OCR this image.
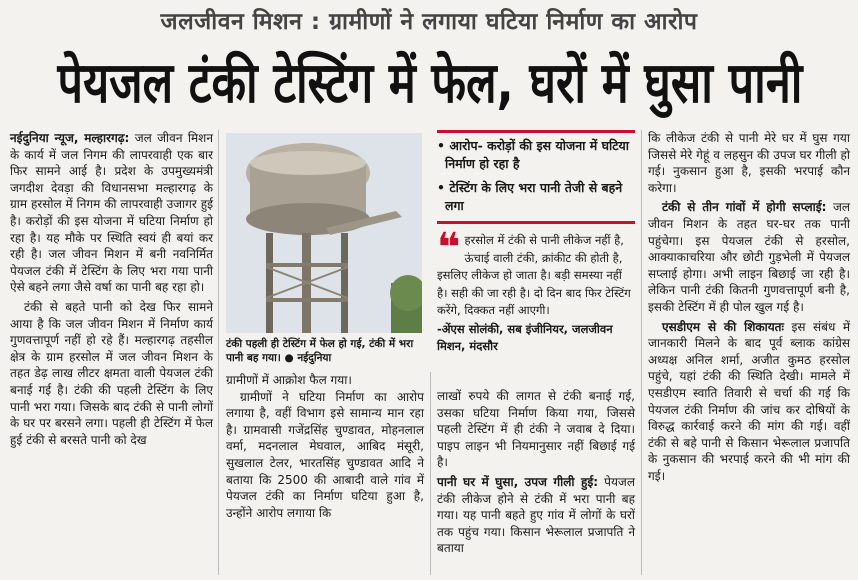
जलजीवन मिशन : ग्रामीणों ने लगाया घटिया निर्माण का आरोप
पेयजल टंकी टेस्टिंग में फेल, घरों में घुसा पानी

नईदुनिया न्यूज, मल्हारगढ़: जल जीवन मिशन के कार्य में जल निगम की लापरवाही एक बार फिर सामने आई है। प्रदेश के उपमुख्यमंत्री जगदीश देवड़ा की विधानसभा मल्हारगढ़ के ग्राम हरसोल में निगम की लापरवाही उजागर हुई है। करोड़ों की इस योजना में घटिया निर्माण हो रहा है। यह मौके पर स्थिति स्वयं ही बयां कर रही है। जल जीवन मिशन में बनी नवनिर्मित पेयजल टंकी में टेस्टिंग के लिए भरा गया पानी ऐसे बहने लगा जैसे वर्षा का पानी बह रहा हो।

टंकी से बहते पानी को देख फिर सामने आया है कि जल जीवन मिशन में निर्माण कार्य गुणवत्तापूर्ण नहीं हो रहे हैं। मल्हारगढ़ तहसील क्षेत्र के ग्राम हरसोल में जल जीवन मिशन के तहत डेढ़ लाख लीटर क्षमता वाली पेयजल टंकी बनाई गई है। टंकी की पहली टेस्टिंग के लिए पानी भरा गया। जिसके बाद टंकी से पानी लोगों के घर पर बरसने लगा। पहली ही टेस्टिंग में फेल हुई टंकी से बरसते पानी को देख

टंकी पहली ही टेस्टिंग में फेल हो गई, टंकी में भरा पानी बह गया। ● नईदुनिया
• आरोप- करोड़ों की इस योजना में घटिया निर्माण हो रहा है
• टेस्टिंग के लिए भरा पानी तेजी से बहने लगा
❝ हरसोल में टंकी से पानी लीकेज नहीं है, ऊंचाई वाली टंकी, क्रांकीट की होती है, इसलिए लीकेज हो जाता है। बड़ी समस्या नहीं है। सही की जा रही है। दो दिन बाद फिर टेस्टिंग करेंगे, दिक्कत नहीं आएगी।
-अेंएस सोलंकी, सब इंजीनियर, जलजीवन मिशन, मंदसौर

ग्रामीणों में आक्रोश फैल गया।

ग्रामीणों ने घटिया निर्माण का आरोप लगाया है, वहीं विभाग इसे सामान्य मान रहा है। ग्रामवासी गजेंद्रसिंह चुण्डावत, मोहनलाल वर्मा, मदनलाल मेघवाल, आबिद मंसूरी, सुखलाल टेलर, भारतसिंह चुण्डावत आदि ने बताया कि 2500 की आबादी वाले गांव में पेयजल टंकी का निर्माण घटिया हुआ है, उन्होंने आरोप लगाया कि

लाखों रुपये की लागत से टंकी बनाई गई, उसका घटिया निर्माण किया गया, जिससे पहली टेस्टिंग में ही टंकी ने जवाब दे दिया। पाइप लाइन भी नियमानुसार नहीं बिछाई गई है।

पानी घर में घुसा, उपज गीली हुई: पेयजल टंकी लीकेज होने से टंकी में भरा पानी बह गया। यह पानी बहते हुए गांव में लोगों के घरों तक पहुंच गया। किसान भेरूलाल प्रजापति ने बताया

कि लीकेज टंकी से पानी मेरे घर में घुस गया जिससे मेरे गेहूं व लहसुन की उपज घर गीली हो गई। नुकसान हुआ है, इसकी भरपाई कौन करेगा।

टंकी से तीन गांवों में होगी सप्लाई: जल जीवन मिशन के तहत घर-घर तक पानी पहुंचेगा। इस पेयजल टंकी से हरसोल, आक्याकाचरिया और छोटी गुड़भेली में पेयजल सप्लाई होगा। अभी लाइन बिछाई जा रही है। लेकिन पानी टंकी कितनी गुणवत्तापूर्ण बनी है, इसकी टेस्टिंग में ही पोल खुल गई है।

एसडीएम से की शिकायतः इस संबंध में जानकारी मिलने के बाद पूर्व ब्लाक कांग्रेस अध्यक्ष अनिल शर्मा, अजीत कुमठ हरसोल पहुंचे, यहां टंकी की स्थिति देखी। मामले में एसडीएम स्वाति तिवारी से चर्चा की गई कि पेयजल टंकी निर्माण की जांच कर दोषियों के विरुद्ध कार्रवाई करने की मांग की गई। वहीं टंकी से बहे पानी से किसान भेरूलाल प्रजापति के नुकसान की भरपाई करने की भी मांग की गई।
